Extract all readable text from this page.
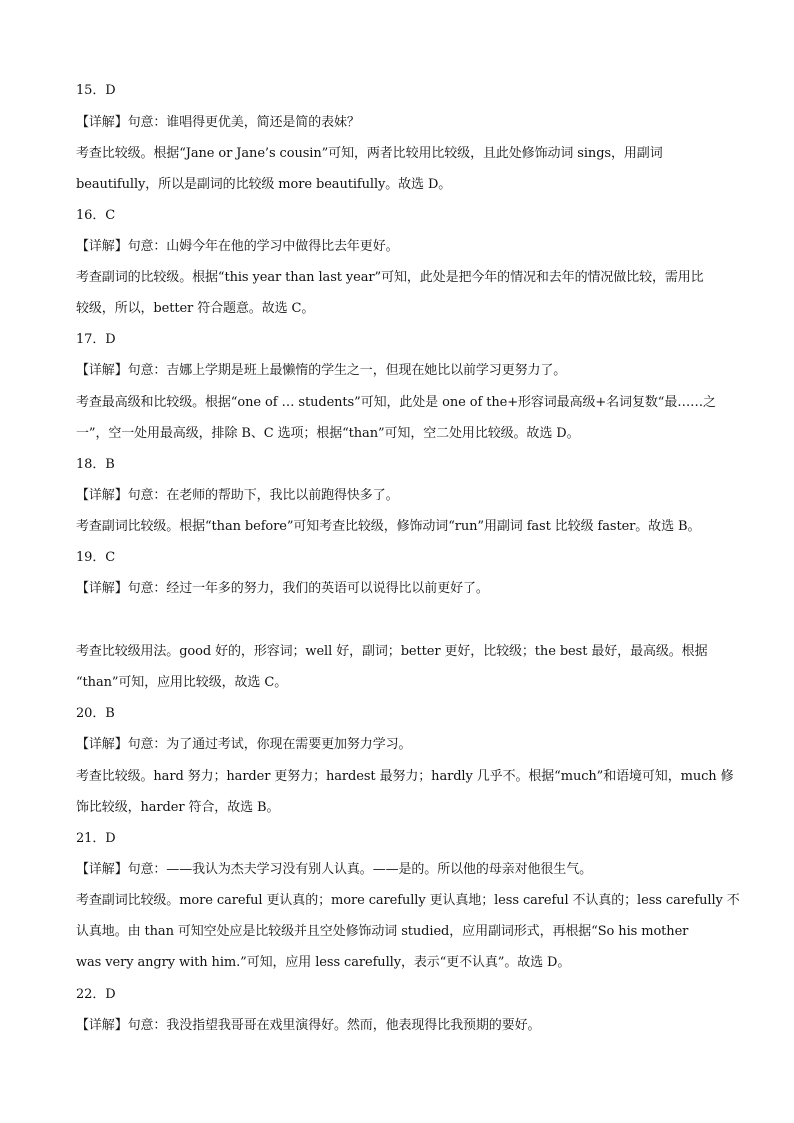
15．D
【详解】句意：谁唱得更优美，简还是简的表妹？
考查比较级。根据“Jane or Jane’s cousin”可知，两者比较用比较级，且此处修饰动词 sings，用副词
beautifully，所以是副词的比较级 more beautifully。故选 D。
16．C
【详解】句意：山姆今年在他的学习中做得比去年更好。
考查副词的比较级。根据“this year than last year”可知，此处是把今年的情况和去年的情况做比较，需用比
较级，所以，better 符合题意。故选 C。
17．D
【详解】句意：吉娜上学期是班上最懒惰的学生之一，但现在她比以前学习更努力了。
考查最高级和比较级。根据“one of … students”可知，此处是 one of the+形容词最高级+名词复数“最……之
一”，空一处用最高级，排除 B、C 选项；根据“than”可知，空二处用比较级。故选 D。
18．B
【详解】句意：在老师的帮助下，我比以前跑得快多了。
考查副词比较级。根据“than before”可知考查比较级，修饰动词“run”用副词 fast 比较级 faster。故选 B。
19．C
【详解】句意：经过一年多的努力，我们的英语可以说得比以前更好了。
考查比较级用法。good 好的，形容词；well 好，副词；better 更好，比较级；the best 最好，最高级。根据
“than”可知，应用比较级，故选 C。
20．B
【详解】句意：为了通过考试，你现在需要更加努力学习。
考查比较级。hard 努力；harder 更努力；hardest 最努力；hardly 几乎不。根据“much”和语境可知，much 修
饰比较级，harder 符合，故选 B。
21．D
【详解】句意：——我认为杰夫学习没有别人认真。——是的。所以他的母亲对他很生气。
考查副词比较级。more careful 更认真的；more carefully 更认真地；less careful 不认真的；less carefully 不
认真地。由 than 可知空处应是比较级并且空处修饰动词 studied，应用副词形式，再根据“So his mother
was very angry with him.”可知，应用 less carefully，表示“更不认真”。故选 D。
22．D
【详解】句意：我没指望我哥哥在戏里演得好。然而，他表现得比我预期的要好。
